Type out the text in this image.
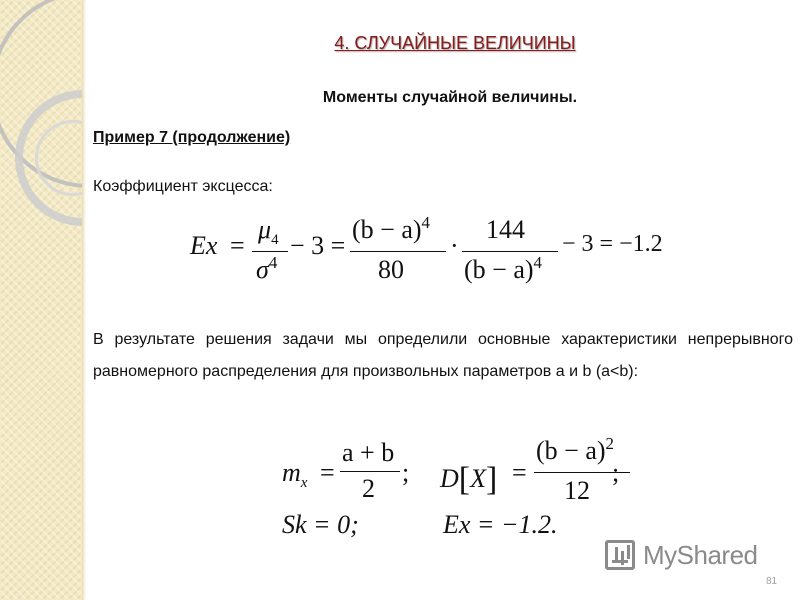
4. СЛУЧАЙНЫЕ ВЕЛИЧИНЫ
Моменты случайной величины.
Пример 7 (продолжение)
Коэффициент эксцесса:
Ex =
$\mu_4$
$\sigma^4$
− 3 =
$(b - a)^4$
80
·
144
$(b - a)^4$
− 3 = −1.2
В результате решения задачи мы определили основные характеристики непрерывного равномерного распределения для произвольных параметров a и b (a<b):
$m_x$ =
a + b
2
; D[X] =
$(b - a)^2$
12
;
Sk = 0;	Ex = −1.2.
MyShared
81
